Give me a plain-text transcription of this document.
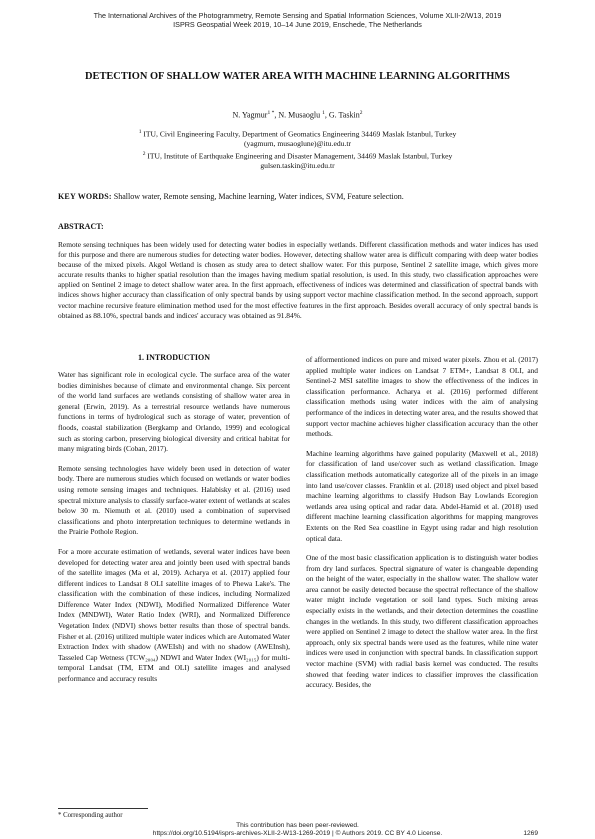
The International Archives of the Photogrammetry, Remote Sensing and Spatial Information Sciences, Volume XLII-2/W13, 2019
ISPRS Geospatial Week 2019, 10–14 June 2019, Enschede, The Netherlands
DETECTION OF SHALLOW WATER AREA WITH MACHINE LEARNING ALGORITHMS
N. Yagmur$^{1 *}$, N. Musaoglu $^1$, G. Taskin$^2$
$^1$ ITU, Civil Engineering Faculty, Department of Geomatics Engineering 34469 Maslak Istanbul, Turkey
(yagmurn, musaoglune)@itu.edu.tr
$^2$ ITU, Institute of Earthquake Engineering and Disaster Management, 34469 Maslak Istanbul, Turkey
gulsen.taskin@itu.edu.tr
KEY WORDS: Shallow water, Remote sensing, Machine learning, Water indices, SVM, Feature selection.
ABSTRACT:
Remote sensing techniques has been widely used for detecting water bodies in especially wetlands. Different classification methods and water indices has used for this purpose and there are numerous studies for detecting water bodies. However, detecting shallow water area is difficult comparing with deep water bodies because of the mixed pixels. Akgol Wetland is chosen as study area to detect shallow water. For this purpose, Sentinel 2 satellite image, which gives more accurate results thanks to higher spatial resolution than the images having medium spatial resolution, is used. In this study, two classification approaches were applied on Sentinel 2 image to detect shallow water area. In the first approach, effectiveness of indices was determined and classification of spectral bands with indices shows higher accuracy than classification of only spectral bands by using support vector machine classification method. In the second approach, support vector machine recursive feature elimination method used for the most effective features in the first approach. Besides overall accuracy of only spectral bands is obtained as 88.10%, spectral bands and indices' accuracy was obtained as 91.84%.
1. INTRODUCTION

Water has significant role in ecological cycle. The surface area of the water bodies diminishes because of climate and environmental change. Six percent of the world land surfaces are wetlands consisting of shallow water area in general (Erwin, 2019). As a terrestrial resource wetlands have numerous functions in terms of hydrological such as storage of water, prevention of floods, coastal stabilization (Bergkamp and Orlando, 1999) and ecological such as storing carbon, preserving biological diversity and critical habitat for many migrating birds (Coban, 2017).

Remote sensing technologies have widely been used in detection of water body. There are numerous studies which focused on wetlands or water bodies using remote sensing images and techniques. Halabisky et al. (2016) used spectral mixture analysis to classify surface-water extent of wetlands at scales below 30 m. Niemuth et al. (2010) used a combination of supervised classifications and photo interpretation techniques to determine wetlands in the Prairie Pothole Region.

For a more accurate estimation of wetlands, several water indices have been developed for detecting water area and jointly been used with spectral bands of the satellite images (Ma et al, 2019). Acharya et al. (2017) applied four different indices to Landsat 8 OLI satellite images of to Phewa Lake's. The classification with the combination of these indices, including Normalized Difference Water Index (NDWI), Modified Normalized Difference Water Index (MNDWI), Water Ratio Index (WRI), and Normalized Difference Vegetation Index (NDVI) shows better results than those of spectral bands. Fisher et al. (2016) utilized multiple water indices which are Automated Water Extraction Index with shadow (AWEIsh) and with no shadow (AWEInsh), Tasseled Cap Wetness (TCW₂₀₀₄) NDWI and Water Index (WI₂₀₁₅) for multi-temporal Landsat (TM, ETM and OLI) satellite images and analysed performance and accuracy results

of afformentioned indices on pure and mixed water pixels. Zhou et al. (2017) applied multiple water indices on Landsat 7 ETM+, Landsat 8 OLI, and Sentinel-2 MSI satellite images to show the effectiveness of the indices in classification performance. Acharya et al. (2016) performed different classification methods using water indices with the aim of analysing performance of the indices in detecting water area, and the results showed that support vector machine achieves higher classification accuracy than the other methods.

Machine learning algorithms have gained popularity (Maxwell et al., 2018) for classification of land use/cover such as wetland classification. Image classification methods automatically categorize all of the pixels in an image into land use/cover classes. Franklin et al. (2018) used object and pixel based machine learning algorithms to classify Hudson Bay Lowlands Ecoregion wetlands area using optical and radar data. Abdel-Hamid et al. (2018) used different machine learning classification algorithms for mapping mangroves Extents on the Red Sea coastline in Egypt using radar and high resolution optical data.

One of the most basic classification application is to distinguish water bodies from dry land surfaces. Spectral signature of water is changeable depending on the height of the water, especially in the shallow water. The shallow water area cannot be easily detected because the spectral reflectance of the shallow water might include vegetation or soil land types. Such mixing areas especially exists in the wetlands, and their detection determines the coastline changes in the wetlands. In this study, two different classification approaches were applied on Sentinel 2 image to detect the shallow water area. In the first approach, only six spectral bands were used as the features, while nine water indices were used in conjunction with spectral bands. In classification support vector machine (SVM) with radial basis kernel was conducted. The results showed that feeding water indices to classifier improves the classification accuracy. Besides, the

* Corresponding author
This contribution has been peer-reviewed.
https://doi.org/10.5194/isprs-archives-XLII-2-W13-1269-2019 | © Authors 2019. CC BY 4.0 License.	1269
